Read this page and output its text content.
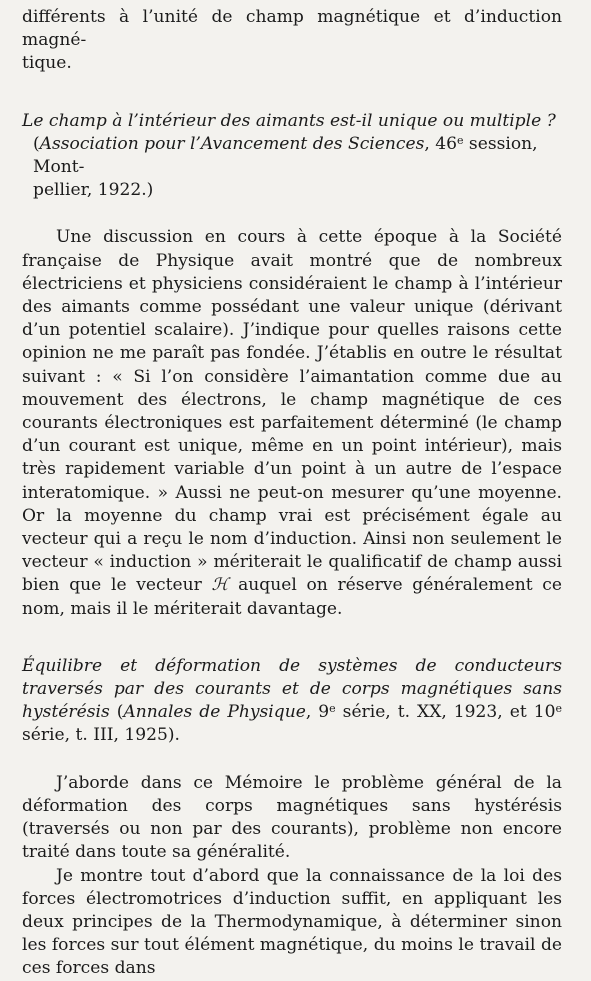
différents à l’unité de champ magnétique et d’induction magné-
tique.

Le champ à l’intérieur des aimants est-il unique ou multiple ?
(Association pour l’Avancement des Sciences, 46e session, Mont-
pellier, 1922.)

Une discussion en cours à cette époque à la Société française de Physique avait montré que de nombreux électriciens et physiciens considéraient le champ à l’intérieur des aimants comme possédant une valeur unique (dérivant d’un potentiel scalaire). J’indique pour quelles raisons cette opinion ne me paraît pas fondée. J’établis en outre le résultat suivant : « Si l’on considère l’aimantation comme due au mouvement des électrons, le champ magnétique de ces courants électroniques est parfaitement déterminé (le champ d’un courant est unique, même en un point intérieur), mais très rapidement variable d’un point à un autre de l’espace interatomique. » Aussi ne peut-on mesurer qu’une moyenne. Or la moyenne du champ vrai est précisément égale au vecteur qui a reçu le nom d’induction. Ainsi non seulement le vecteur « induction » mériterait le qualificatif de champ aussi bien que le vecteur ℋ auquel on réserve généralement ce nom, mais il le mériterait davantage.

Équilibre et déformation de systèmes de conducteurs traversés par des courants et de corps magnétiques sans hystérésis (Annales de Physique, 9e série, t. XX, 1923, et 10e série, t. III, 1925).

J’aborde dans ce Mémoire le problème général de la déformation des corps magnétiques sans hystérésis (traversés ou non par des courants), problème non encore traité dans toute sa généralité.

Je montre tout d’abord que la connaissance de la loi des forces électromotrices d’induction suffit, en appliquant les deux principes de la Thermodynamique, à déterminer sinon les forces sur tout élément magnétique, du moins le travail de ces forces dans
